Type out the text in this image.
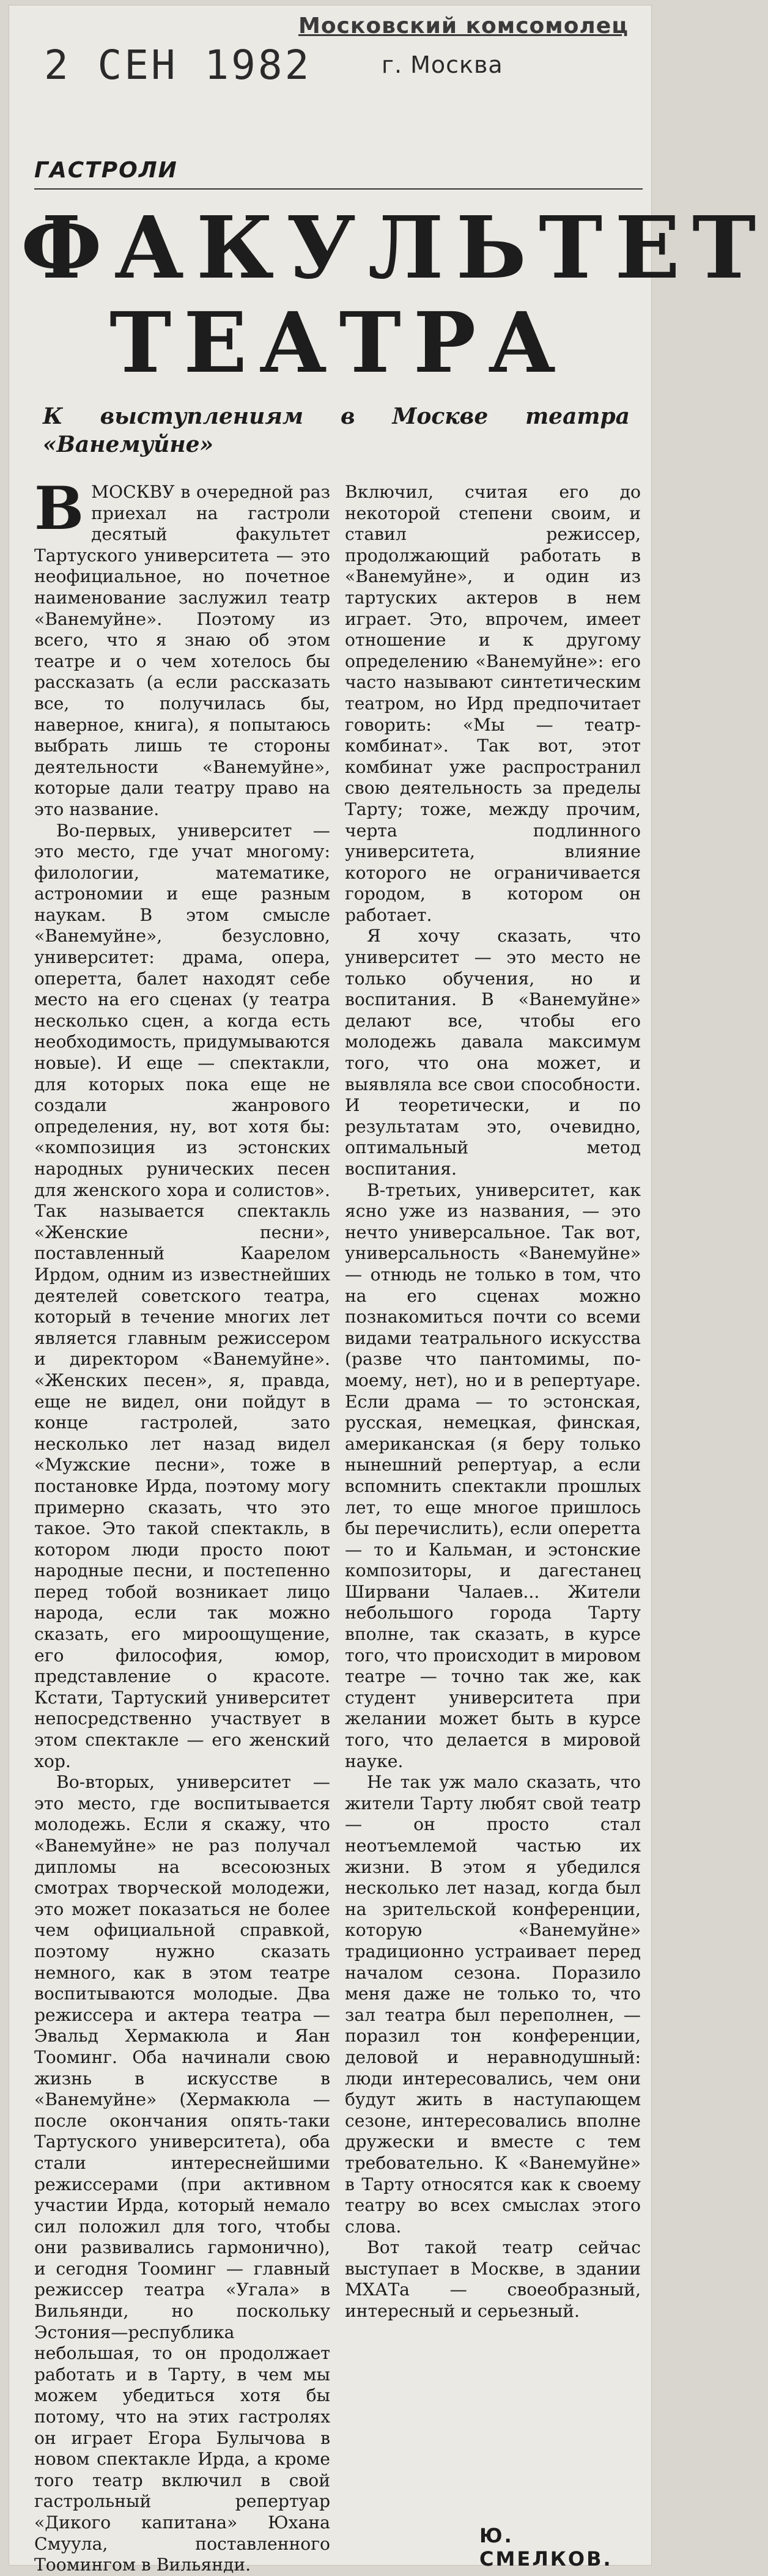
2 СЕН 1982
Московский комсомолец
г. Москва
ГАСТРОЛИ
ФАКУЛЬТЕТ
ТЕАТРА
К выступлениям в Москве театра «Ванемуйне»

ВМОСКВУ в очередной раз приехал на гастроли десятый факультет Тартуского университета — это неофициальное, но почетное наименование заслужил театр «Ванемуйне». Поэтому из всего, что я знаю об этом театре и о чем хотелось бы рассказать (а если рассказать все, то получилась бы, наверное, книга), я попытаюсь выбрать лишь те стороны деятельности «Ванемуйне», которые дали театру право на это название.

Во-первых, университет — это место, где учат многому: филологии, математике, астрономии и еще разным наукам. В этом смысле «Ванемуйне», безусловно, университет: драма, опера, оперетта, балет находят себе место на его сценах (у театра несколько сцен, а когда есть необходимость, придумываются новые). И еще — спектакли, для которых пока еще не создали жанрового определения, ну, вот хотя бы: «композиция из эстонских народных рунических песен для женского хора и солистов». Так называется спектакль «Женские песни», поставленный Каарелом Ирдом, одним из известнейших деятелей советского театра, который в течение многих лет является главным режиссером и директором «Ванемуйне». «Женских песен», я, правда, еще не видел, они пойдут в конце гастролей, зато несколько лет назад видел «Мужские песни», тоже в постановке Ирда, поэтому могу примерно сказать, что это такое. Это такой спектакль, в котором люди просто поют народные песни, и постепенно перед тобой возникает лицо народа, если так можно сказать, его мироощущение, его философия, юмор, представление о красоте. Кстати, Тартуский университет непосредственно участвует в этом спектакле — его женский хор.

Во-вторых, университет — это место, где воспитывается молодежь. Если я скажу, что «Ванемуйне» не раз получал дипломы на всесоюзных смотрах творческой молодежи, это может показаться не более чем официальной справкой, поэтому нужно сказать немного, как в этом театре воспитываются молодые. Два режиссера и актера театра — Эвальд Хермакюла и Яан Тооминг. Оба начинали свою жизнь в искусстве в «Ванемуйне» (Хермакюла — после окончания опять-таки Тартуского университета), оба стали интереснейшими режиссерами (при активном участии Ирда, который немало сил положил для того, чтобы они развивались гармонично), и сегодня Тооминг — главный режиссер театра «Угала» в Вильянди, но поскольку Эстония—республика небольшая, то он продолжает работать и в Тарту, в чем мы можем убедиться хотя бы потому, что на этих гастролях он играет Егора Булычова в новом спектакле Ирда, а кроме того театр включил в свой гастрольный репертуар «Дикого капитана» Юхана Смуула, поставленного Тоомингом в Вильянди.

Включил, считая его до некоторой степени своим, и ставил режиссер, продолжающий работать в «Ванемуйне», и один из тартуских актеров в нем играет. Это, впрочем, имеет отношение и к другому определению «Ванемуйне»: его часто называют синтетическим театром, но Ирд предпочитает говорить: «Мы — театр-комбинат». Так вот, этот комбинат уже распространил свою деятельность за пределы Тарту; тоже, между прочим, черта подлинного университета, влияние которого не ограничивается городом, в котором он работает.

Я хочу сказать, что университет — это место не только обучения, но и воспитания. В «Ванемуйне» делают все, чтобы его молодежь давала максимум того, что она может, и выявляла все свои способности. И теоретически, и по результатам это, очевидно, оптимальный метод воспитания.

В-третьих, университет, как ясно уже из названия, — это нечто универсальное. Так вот, универсальность «Ванемуйне» — отнюдь не только в том, что на его сценах можно познакомиться почти со всеми видами театрального искусства (разве что пантомимы, по-моему, нет), но и в репертуаре. Если драма — то эстонская, русская, немецкая, финская, американская (я беру только нынешний репертуар, а если вспомнить спектакли прошлых лет, то еще многое пришлось бы перечислить), если оперетта — то и Кальман, и эстонские композиторы, и дагестанец Ширвани Чалаев... Жители небольшого города Тарту вполне, так сказать, в курсе того, что происходит в мировом театре — точно так же, как студент университета при желании может быть в курсе того, что делается в мировой науке.

Не так уж мало сказать, что жители Тарту любят свой театр — он просто стал неотъемлемой частью их жизни. В этом я убедился несколько лет назад, когда был на зрительской конференции, которую «Ванемуйне» традиционно устраивает перед началом сезона. Поразило меня даже не только то, что зал театра был переполнен, — поразил тон конференции, деловой и неравнодушный: люди интересовались, чем они будут жить в наступающем сезоне, интересовались вполне дружески и вместе с тем требовательно. К «Ванемуйне» в Тарту относятся как к своему театру во всех смыслах этого слова.

Вот такой театр сейчас выступает в Москве, в здании МХАТа — своеобразный, интересный и серьезный.

Ю. СМЕЛКОВ.
